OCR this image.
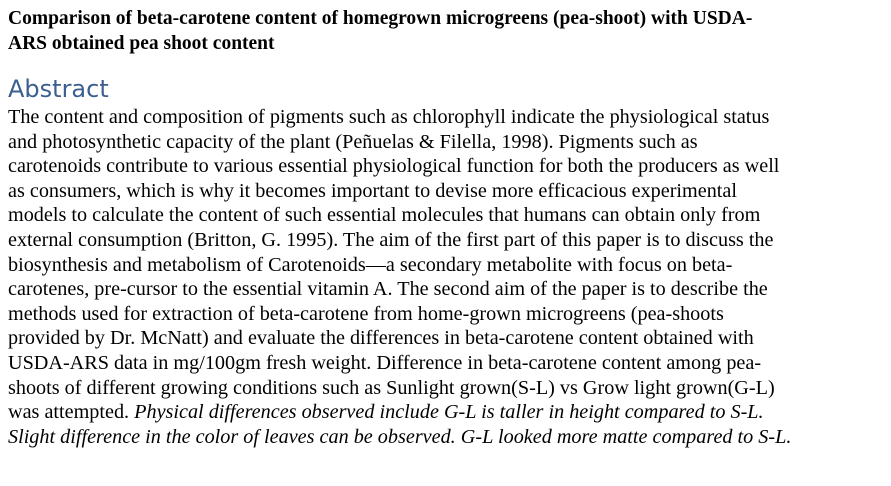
Comparison of beta-carotene content of homegrown microgreens (pea-shoot) with USDA-
ARS obtained pea shoot content
Abstract

The content and composition of pigments such as chlorophyll indicate the physiological status
and photosynthetic capacity of the plant (Peñuelas & Filella, 1998). Pigments such as
carotenoids contribute to various essential physiological function for both the producers as well
as consumers, which is why it becomes important to devise more efficacious experimental
models to calculate the content of such essential molecules that humans can obtain only from
external consumption (Britton, G. 1995). The aim of the first part of this paper is to discuss the
biosynthesis and metabolism of Carotenoids—a secondary metabolite with focus on beta-
carotenes, pre-cursor to the essential vitamin A. The second aim of the paper is to describe the
methods used for extraction of beta-carotene from home-grown microgreens (pea-shoots
provided by Dr. McNatt) and evaluate the differences in beta-carotene content obtained with
USDA-ARS data in mg/100gm fresh weight. Difference in beta-carotene content among pea-
shoots of different growing conditions such as Sunlight grown(S-L) vs Grow light grown(G-L)
was attempted. Physical differences observed include G-L is taller in height compared to S-L.
Slight difference in the color of leaves can be observed. G-L looked more matte compared to S-L.
